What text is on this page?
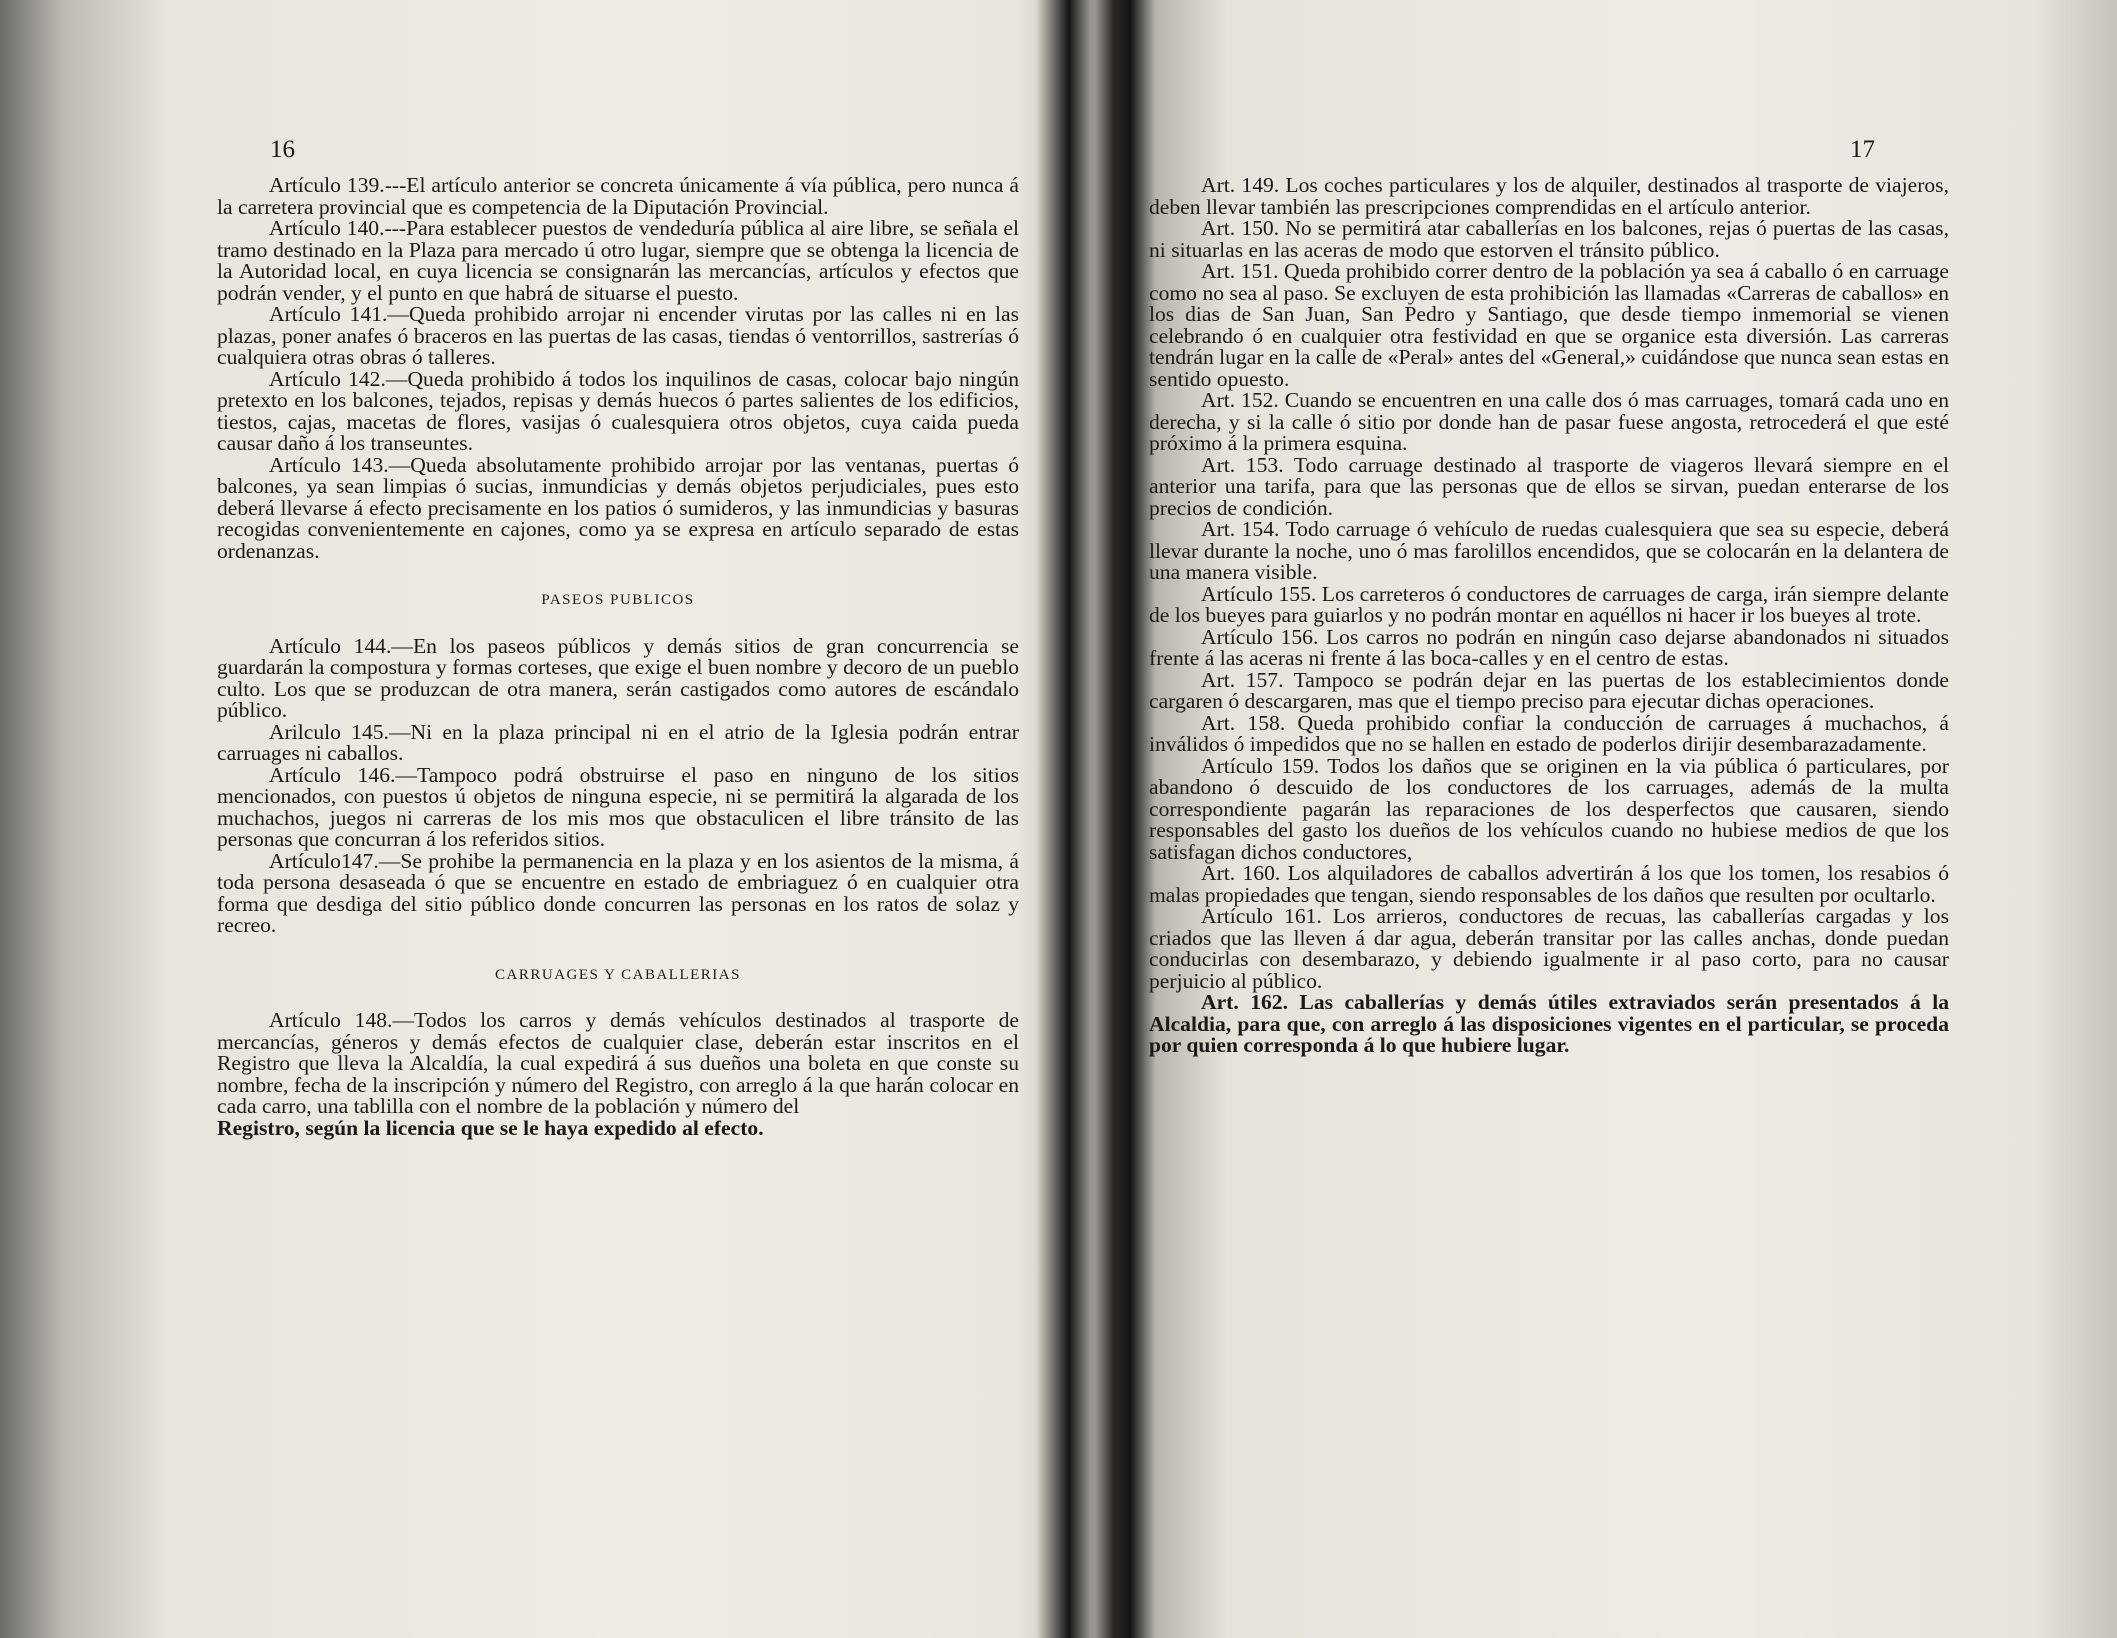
16

Artículo 139.---El artículo anterior se concreta únicamente á vía pública, pero nunca á la carretera provincial que es competencia de la Diputación Provincial.

Artículo 140.---Para establecer puestos de vendeduría pública al aire libre, se señala el tramo destinado en la Plaza para mercado ú otro lugar, siempre que se obtenga la licencia de la Autoridad local, en cuya licencia se consignarán las mercancías, artículos y efectos que podrán vender, y el punto en que habrá de situarse el puesto.

Artículo 141.—Queda prohibido arrojar ni encender virutas por las calles ni en las plazas, poner anafes ó braceros en las puertas de las casas, tiendas ó ventorrillos, sastrerías ó cualquiera otras obras ó talleres.

Artículo 142.—Queda prohibido á todos los inquilinos de casas, colocar bajo ningún pretexto en los balcones, tejados, repisas y demás huecos ó partes salientes de los edificios, tiestos, cajas, macetas de flores, vasijas ó cualesquiera otros objetos, cuya caida pueda causar daño á los transeuntes.

Artículo 143.—Queda absolutamente prohibido arrojar por las ventanas, puertas ó balcones, ya sean limpias ó sucias, inmundicias y demás objetos perjudiciales, pues esto deberá llevarse á efecto precisamente en los patios ó sumideros, y las inmundicias y basuras recogidas convenientemente en cajones, como ya se expresa en artículo separado de estas ordenanzas.

PASEOS PUBLICOS

Artículo 144.—En los paseos públicos y demás sitios de gran concurrencia se guardarán la compostura y formas corteses, que exige el buen nombre y decoro de un pueblo culto. Los que se produzcan de otra manera, serán castigados como autores de escándalo público.

Arilculo 145.—Ni en la plaza principal ni en el atrio de la Iglesia podrán entrar carruages ni caballos.

Artículo 146.—Tampoco podrá obstruirse el paso en ninguno de los sitios mencionados, con puestos ú objetos de ninguna especie, ni se permitirá la algarada de los muchachos, juegos ni carreras de los mis mos que obstaculicen el libre tránsito de las personas que concurran á los referidos sitios.

Artículo147.—Se prohibe la permanencia en la plaza y en los asientos de la misma, á toda persona desaseada ó que se encuentre en estado de embriaguez ó en cualquier otra forma que desdiga del sitio público donde concurren las personas en los ratos de solaz y recreo.

CARRUAGES Y CABALLERIAS

Artículo 148.—Todos los carros y demás vehículos destinados al trasporte de mercancías, géneros y demás efectos de cualquier clase, deberán estar inscritos en el Registro que lleva la Alcaldía, la cual expedirá á sus dueños una boleta en que conste su nombre, fecha de la inscripción y número del Registro, con arreglo á la que harán colocar en cada carro, una tablilla con el nombre de la población y número del

Registro, según la licencia que se le haya expedido al efecto.

17

Art. 149. Los coches particulares y los de alquiler, destinados al trasporte de viajeros, deben llevar también las prescripciones comprendidas en el artículo anterior.

Art. 150. No se permitirá atar caballerías en los balcones, rejas ó puertas de las casas, ni situarlas en las aceras de modo que estorven el tránsito público.

Art. 151. Queda prohibido correr dentro de la población ya sea á caballo ó en carruage como no sea al paso. Se excluyen de esta prohibición las llamadas «Carreras de caballos» en los dias de San Juan, San Pedro y Santiago, que desde tiempo inmemorial se vienen celebrando ó en cualquier otra festividad en que se organice esta diversión. Las carreras tendrán lugar en la calle de «Peral» antes del «General,» cuidándose que nunca sean estas en sentido opuesto.

Art. 152. Cuando se encuentren en una calle dos ó mas carruages, tomará cada uno en derecha, y si la calle ó sitio por donde han de pasar fuese angosta, retrocederá el que esté próximo á la primera esquina.

Art. 153. Todo carruage destinado al trasporte de viageros llevará siempre en el anterior una tarifa, para que las personas que de ellos se sirvan, puedan enterarse de los precios de condición.

Art. 154. Todo carruage ó vehículo de ruedas cualesquiera que sea su especie, deberá llevar durante la noche, uno ó mas farolillos encendidos, que se colocarán en la delantera de una manera visible.

Artículo 155. Los carreteros ó conductores de carruages de carga, irán siempre delante de los bueyes para guiarlos y no podrán montar en aquéllos ni hacer ir los bueyes al trote.

Artículo 156. Los carros no podrán en ningún caso dejarse abandonados ni situados frente á las aceras ni frente á las boca-calles y en el centro de estas.

Art. 157. Tampoco se podrán dejar en las puertas de los establecimientos donde cargaren ó descargaren, mas que el tiempo preciso para ejecutar dichas operaciones.

Art. 158. Queda prohibido confiar la conducción de carruages á muchachos, á inválidos ó impedidos que no se hallen en estado de poderlos dirijir desembarazadamente.

Artículo 159. Todos los daños que se originen en la via pública ó particulares, por abandono ó descuido de los conductores de los carruages, además de la multa correspondiente pagarán las reparaciones de los desperfectos que causaren, siendo responsables del gasto los dueños de los vehículos cuando no hubiese medios de que los satisfagan dichos conductores,

Art. 160. Los alquiladores de caballos advertirán á los que los tomen, los resabios ó malas propiedades que tengan, siendo responsables de los daños que resulten por ocultarlo.

Artículo 161. Los arrieros, conductores de recuas, las caballerías cargadas y los criados que las lleven á dar agua, deberán transitar por las calles anchas, donde puedan conducirlas con desembarazo, y debiendo igualmente ir al paso corto, para no causar perjuicio al público.

Art. 162. Las caballerías y demás útiles extraviados serán presentados á la Alcaldia, para que, con arreglo á las disposiciones vigentes en el particular, se proceda por quien corresponda á lo que hubiere lugar.
